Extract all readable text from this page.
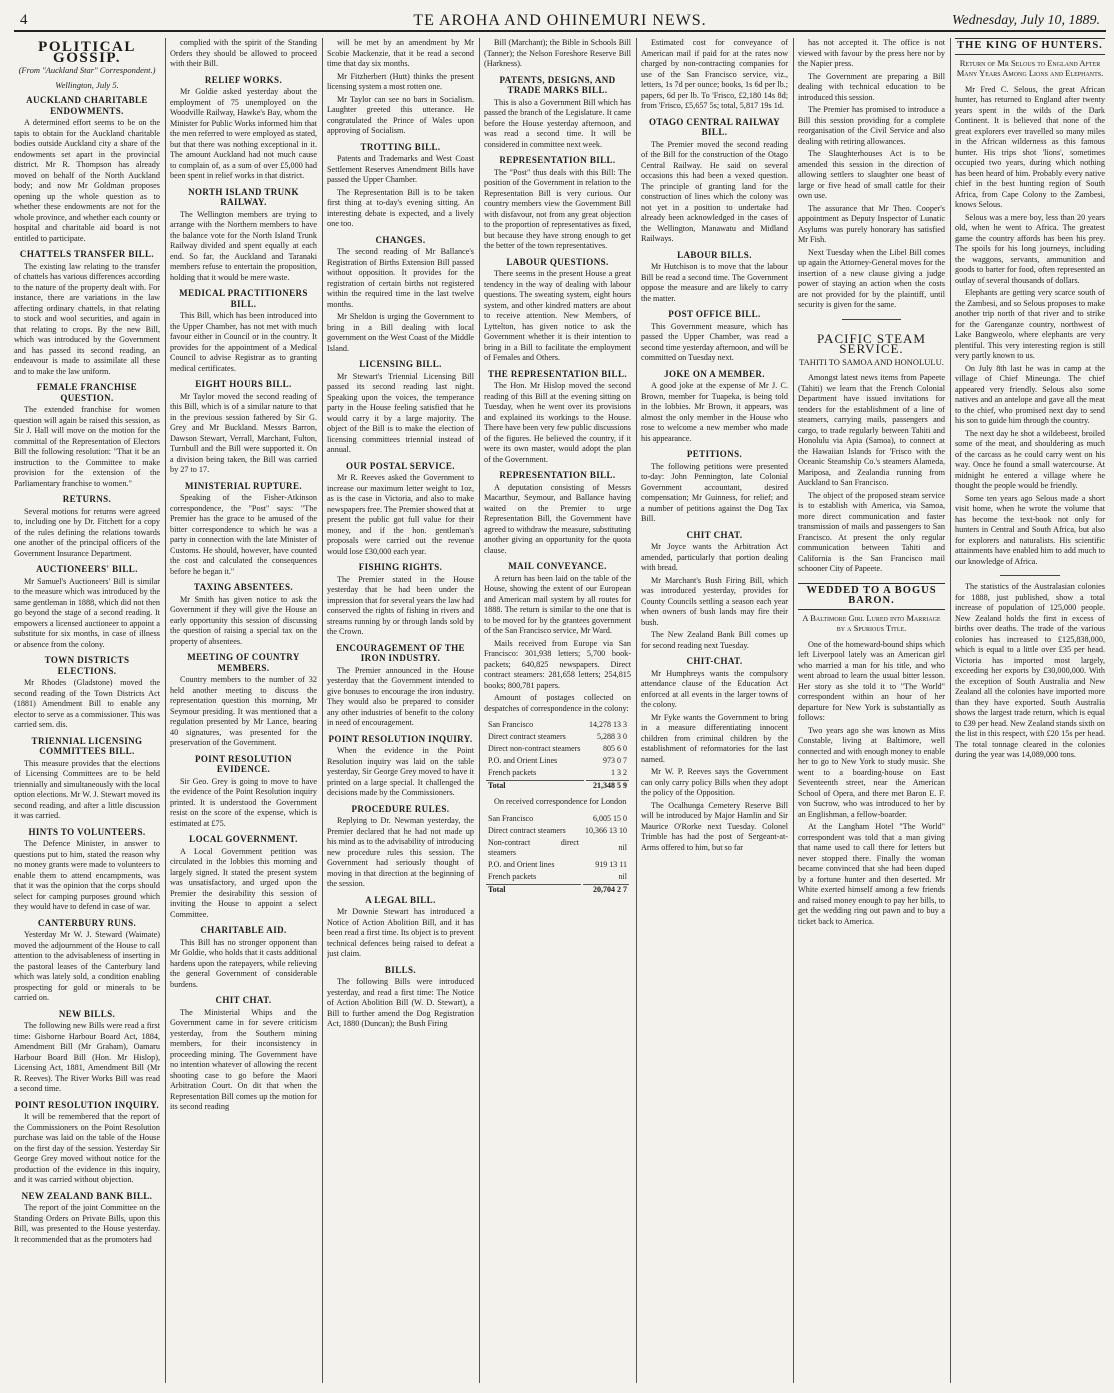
4	TE AROHA AND OHINEMURI NEWS.	Wednesday, July 10, 1889.
POLITICAL GOSSIP.
(From "Auckland Star" Correspondent.)
Wellington, July 5.
AUCKLAND CHARITABLE ENDOWMENTS.

A determined effort seems to be on the tapis to obtain for the Auckland charitable bodies outside Auckland city a share of the endowments set apart in the provincial district. Mr R. Thompson has already moved on behalf of the North Auckland body; and now Mr Goldman proposes opening up the whole question as to whether these endowments are not for the whole province, and whether each county or hospital and charitable aid board is not entitled to participate.

CHATTELS TRANSFER BILL.

The existing law relating to the transfer of chattels has various differences according to the nature of the property dealt with. For instance, there are variations in the law affecting ordinary chattels, in that relating to stock and wool securities, and again in that relating to crops. By the new Bill, which was introduced by the Government and has passed its second reading, an endeavour is made to assimilate all these and to make the law uniform.

FEMALE FRANCHISE QUESTION.

The extended franchise for women question will again be raised this session, as Sir J. Hall will move on the motion for the committal of the Representation of Electors Bill the following resolution: "That it be an instruction to the Committee to make provision for the extension of the Parliamentary franchise to women."

RETURNS.

Several motions for returns were agreed to, including one by Dr. Fitchett for a copy of the rules defining the relations towards one another of the principal officers of the Government Insurance Department.

AUCTIONEERS' BILL.

Mr Samuel's Auctioneers' Bill is similar to the measure which was introduced by the same gentleman in 1888, which did not then go beyond the stage of a second reading. It empowers a licensed auctioneer to appoint a substitute for six months, in case of illness or absence from the colony.

TOWN DISTRICTS ELECTIONS.

Mr Rhodes (Gladstone) moved the second reading of the Town Districts Act (1881) Amendment Bill to enable any elector to serve as a commissioner. This was carried sem. dis.

TRIENNIAL LICENSING COMMITTEES BILL.

This measure provides that the elections of Licensing Committees are to be held triennially and simultaneously with the local option elections. Mr W. J. Stewart moved its second reading, and after a little discussion it was carried.

HINTS TO VOLUNTEERS.

The Defence Minister, in answer to questions put to him, stated the reason why no money grants were made to volunteers to enable them to attend encampments, was that it was the opinion that the corps should select for camping purposes ground which they would have to defend in case of war.

CANTERBURY RUNS.

Yesterday Mr W. J. Steward (Waimate) moved the adjournment of the House to call attention to the advisableness of inserting in the pastoral leases of the Canterbury land which was lately sold, a condition enabling prospecting for gold or minerals to be carried on.

NEW BILLS.

The following new Bills were read a first time: Gisborne Harbour Board Act, 1884, Amendment Bill (Mr Graham), Oamaru Harbour Board Bill (Hon. Mr Hislop), Licensing Act, 1881, Amendment Bill (Mr R. Reeves). The River Works Bill was read a second time.

POINT RESOLUTION INQUIRY.

It will be remembered that the report of the Commissioners on the Point Resolution purchase was laid on the table of the House on the first day of the session. Yesterday Sir George Grey moved without notice for the production of the evidence in this inquiry, and it was carried without objection.

NEW ZEALAND BANK BILL.

The report of the joint Committee on the Standing Orders on Private Bills, upon this Bill, was presented to the House yesterday. It recommended that as the promoters had

complied with the spirit of the Standing Orders they should be allowed to proceed with their Bill.

RELIEF WORKS.

Mr Goldie asked yesterday about the employment of 75 unemployed on the Woodville Railway, Hawke's Bay, whom the Minister for Public Works informed him that the men referred to were employed as stated, but that there was nothing exceptional in it. The amount Auckland had not much cause to complain of, as a sum of over £5,000 had been spent in relief works in that district.

NORTH ISLAND TRUNK RAILWAY.

The Wellington members are trying to arrange with the Northern members to have the balance vote for the North Island Trunk Railway divided and spent equally at each end. So far, the Auckland and Taranaki members refuse to entertain the proposition, holding that it would be mere waste.

MEDICAL PRACTITIONERS BILL.

This Bill, which has been introduced into the Upper Chamber, has not met with much favour either in Council or in the country. It provides for the appointment of a Medical Council to advise Registrar as to granting medical certificates.

EIGHT HOURS BILL.

Mr Taylor moved the second reading of this Bill, which is of a similar nature to that in the previous session fathered by Sir G. Grey and Mr Buckland. Messrs Barron, Dawson Stewart, Verrall, Marchant, Fulton, Turnbull and the Bill were supported it. On a division being taken, the Bill was carried by 27 to 17.

MINISTERIAL RUPTURE.

Speaking of the Fisher-Atkinson correspondence, the "Post" says: "The Premier has the grace to be amused of the bitter correspondence to which he was a party in connection with the late Minister of Customs. He should, however, have counted the cost and calculated the consequences before he began it."

TAXING ABSENTEES.

Mr Smith has given notice to ask the Government if they will give the House an early opportunity this session of discussing the question of raising a special tax on the property of absentees.

MEETING OF COUNTRY MEMBERS.

Country members to the number of 32 held another meeting to discuss the representation question this morning, Mr Seymour presiding. It was mentioned that a regulation presented by Mr Lance, bearing 40 signatures, was presented for the preservation of the Government.

POINT RESOLUTION EVIDENCE.

Sir Geo. Grey is going to move to have the evidence of the Point Resolution inquiry printed. It is understood the Government resist on the score of the expense, which is estimated at £75.

LOCAL GOVERNMENT.

A Local Government petition was circulated in the lobbies this morning and largely signed. It stated the present system was unsatisfactory, and urged upon the Premier the desirability this session of inviting the House to appoint a select Committee.

CHARITABLE AID.

This Bill has no stronger opponent than Mr Goldie, who holds that it casts additional hardens upon the ratepayers, while relieving the general Government of considerable burdens.

CHIT CHAT.

The Ministerial Whips and the Government came in for severe criticism yesterday, from the Southern mining members, for their inconsistency in proceeding mining. The Government have no intention whatever of allowing the recent shooting case to go before the Maori Arbitration Court. On dit that when the Representation Bill comes up the motion for its second reading

will be met by an amendment by Mr Scobie Mackenzie, that it be read a second time that day six months.

Mr Fitzherbert (Hutt) thinks the present licensing system a most rotten one.

Mr Taylor can see no bars in Socialism. Laughter greeted this utterance. He congratulated the Prince of Wales upon approving of Socialism.

TROTTING BILL.

Patents and Trademarks and West Coast Settlement Reserves Amendment Bills have passed the Upper Chamber.

The Representation Bill is to be taken first thing at to-day's evening sitting. An interesting debate is expected, and a lively one too.

CHANGES.

The second reading of Mr Ballance's Registration of Births Extension Bill passed without opposition. It provides for the registration of certain births not registered within the required time in the last twelve months.

Mr Sheldon is urging the Government to bring in a Bill dealing with local government on the West Coast of the Middle Island.

LICENSING BILL.

Mr Stewart's Triennial Licensing Bill passed its second reading last night. Speaking upon the voices, the temperance party in the House feeling satisfied that he would carry it by a large majority. The object of the Bill is to make the election of licensing committees triennial instead of annual.

OUR POSTAL SERVICE.

Mr R. Reeves asked the Government to increase our maximum letter weight to 1oz, as is the case in Victoria, and also to make newspapers free. The Premier showed that at present the public got full value for their money, and if the hon. gentleman's proposals were carried out the revenue would lose £30,000 each year.

FISHING RIGHTS.

The Premier stated in the House yesterday that he had been under the impression that for several years the law had conserved the rights of fishing in rivers and streams running by or through lands sold by the Crown.

ENCOURAGEMENT OF THE IRON INDUSTRY.

The Premier announced in the House yesterday that the Government intended to give bonuses to encourage the iron industry. They would also be prepared to consider any other industries of benefit to the colony in need of encouragement.

POINT RESOLUTION INQUIRY.

When the evidence in the Point Resolution inquiry was laid on the table yesterday, Sir George Grey moved to have it printed on a large special. It challenged the decisions made by the Commissioners.

PROCEDURE RULES.

Replying to Dr. Newman yesterday, the Premier declared that he had not made up his mind as to the advisability of introducing new procedure rules this session. The Government had seriously thought of moving in that direction at the beginning of the session.

A LEGAL BILL.

Mr Downie Stewart has introduced a Notice of Action Abolition Bill, and it has been read a first time. Its object is to prevent technical defences being raised to defeat a just claim.

BILLS.

The following Bills were introduced yesterday, and read a first time: The Notice of Action Abolition Bill (W. D. Stewart), a Bill to further amend the Dog Registration Act, 1880 (Duncan); the Bush Firing

Bill (Marchant); the Bible in Schools Bill (Tanner); the Nelson Foreshore Reserve Bill (Harkness).

PATENTS, DESIGNS, AND TRADE MARKS BILL.

This is also a Government Bill which has passed the branch of the Legislature. It came before the House yesterday afternoon, and was read a second time. It will be considered in committee next week.

REPRESENTATION BILL.

The "Post" thus deals with this Bill: The position of the Government in relation to the Representation Bill is very curious. Our country members view the Government Bill with disfavour, not from any great objection to the proportion of representatives as fixed, but because they have strong enough to get the better of the town representatives.

LABOUR QUESTIONS.

There seems in the present House a great tendency in the way of dealing with labour questions. The sweating system, eight hours system, and other kindred matters are about to receive attention. New Members, of Lyttelton, has given notice to ask the Government whether it is their intention to bring in a Bill to facilitate the employment of Females and Others.

THE REPRESENTATION BILL.

The Hon. Mr Hislop moved the second reading of this Bill at the evening sitting on Tuesday, when he went over its provisions and explained its workings to the House. There have been very few public discussions of the figures. He believed the country, if it were its own master, would adopt the plan of the Government.

REPRESENTATION BILL.

A deputation consisting of Messrs Macarthur, Seymour, and Ballance having waited on the Premier to urge Representation Bill, the Government have agreed to withdraw the measure, substituting another giving an opportunity for the quota clause.

MAIL CONVEYANCE.

A return has been laid on the table of the House, showing the extent of our European and American mail system by all routes for 1888. The return is similar to the one that is to be moved for by the grantees government of the San Francisco service, Mr Ward.

Mails received from Europe via San Francisco: 301,938 letters; 5,700 book-packets; 640,825 newspapers. Direct contract steamers: 281,658 letters; 254,815 books; 800,781 papers.

Amount of postages collected on despatches of correspondence in the colony:

San Francisco	14,278 13 3
Direct contract steamers	5,288 3 0
Direct non-contract steamers	805 6 0
P.O. and Orient Lines	973 0 7
French packets	1 3 2
Total	21,348 5 9

On received correspondence for London

San Francisco	6,005 15 0
Direct contract steamers	10,366 13 10
Non-contract direct steamers	nil
P.O. and Orient lines	919 13 11
French packets	nil
Total	20,704 2 7

Estimated cost for conveyance of American mail if paid for at the rates now charged by non-contracting companies for use of the San Francisco service, viz., letters, 1s 7d per ounce; books, 1s 6d per lb.; papers, 6d per lb. To 'Frisco, £2,180 14s 8d; from 'Frisco, £5,657 5s; total, 5,817 19s 1d.

OTAGO CENTRAL RAILWAY BILL.

The Premier moved the second reading of the Bill for the construction of the Otago Central Railway. He said on several occasions this had been a vexed question. The principle of granting land for the construction of lines which the colony was not yet in a position to undertake had already been acknowledged in the cases of the Wellington, Manawatu and Midland Railways.

LABOUR BILLS.

Mr Hutchison is to move that the labour Bill be read a second time. The Government oppose the measure and are likely to carry the matter.

POST OFFICE BILL.

This Government measure, which has passed the Upper Chamber, was read a second time yesterday afternoon, and will be committed on Tuesday next.

JOKE ON A MEMBER.

A good joke at the expense of Mr J. C. Brown, member for Tuapeka, is being told in the lobbies. Mr Brown, it appears, was almost the only member in the House who rose to welcome a new member who made his appearance.

PETITIONS.

The following petitions were presented to-day: John Pennington, late Colonial Government accountant, desired compensation; Mr Guinness, for relief; and a number of petitions against the Dog Tax Bill.

CHIT CHAT.

Mr Joyce wants the Arbitration Act amended, particularly that portion dealing with bread.

Mr Marchant's Bush Firing Bill, which was introduced yesterday, provides for County Councils settling a season each year when owners of bush lands may fire their bush.

The New Zealand Bank Bill comes up for second reading next Tuesday.

CHIT-CHAT.

Mr Humphreys wants the compulsory attendance clause of the Education Act enforced at all events in the larger towns of the colony.

Mr Fyke wants the Government to bring in a measure differentiating innocent children from criminal children by the establishment of reformatories for the last named.

Mr W. P. Reeves says the Government can only carry policy Bills when they adopt the policy of the Opposition.

The Ocalhunga Cemetery Reserve Bill will be introduced by Major Hamlin and Sir Maurice O'Rorke next Tuesday. Colonel Trimble has had the post of Sergeant-at-Arms offered to him, but so far

has not accepted it. The office is not viewed with favour by the press here nor by the Napier press.

The Government are preparing a Bill dealing with technical education to be introduced this session.

The Premier has promised to introduce a Bill this session providing for a complete reorganisation of the Civil Service and also dealing with retiring allowances.

The Slaughterhouses Act is to be amended this session in the direction of allowing settlers to slaughter one beast of large or five head of small cattle for their own use.

The assurance that Mr Theo. Cooper's appointment as Deputy Inspector of Lunatic Asylums was purely honorary has satisfied Mr Fish.

Next Tuesday when the Libel Bill comes up again the Attorney-General moves for the insertion of a new clause giving a judge power of staying an action when the costs are not provided for by the plaintiff, until security is given for the same.

PACIFIC STEAM SERVICE.
TAHITI TO SAMOA AND HONOLULU.

Amongst latest news items from Papeete (Tahiti) we learn that the French Colonial Department have issued invitations for tenders for the establishment of a line of steamers, carrying mails, passengers and cargo, to trade regularly between Tahiti and Honolulu via Apia (Samoa), to connect at the Hawaiian Islands for 'Frisco with the Oceanic Steamship Co.'s steamers Alameda, Mariposa, and Zealandia running from Auckland to San Francisco.

The object of the proposed steam service is to establish with America, via Samoa, more direct communication and faster transmission of mails and passengers to San Francisco. At present the only regular communication between Tahiti and California is the San Francisco mail schooner City of Papeete.

WEDDED TO A BOGUS BARON.
A Baltimore Girl Lured into Marriage by a Spurious Title.

One of the homeward-bound ships which left Liverpool lately was an American girl who married a man for his title, and who went abroad to learn the usual bitter lesson. Her story as she told it to "The World" correspondent within an hour of her departure for New York is substantially as follows:

Two years ago she was known as Miss Constable, living at Baltimore, well connected and with enough money to enable her to go to New York to study music. She went to a boarding-house on East Seventeenth street, near the American School of Opera, and there met Baron E. F. von Sucrow, who was introduced to her by an Englishman, a fellow-boarder.

At the Langham Hotel "The World" correspondent was told that a man giving that name used to call there for letters but never stopped there. Finally the woman became convinced that she had been duped by a fortune hunter and then deserted. Mr White exerted himself among a few friends and raised money enough to pay her bills, to get the wedding ring out pawn and to buy a ticket back to America.

THE KING OF HUNTERS.
Return of Mr Selous to England After Many Years Among Lions and Elephants.

Mr Fred C. Selous, the great African hunter, has returned to England after twenty years spent in the wilds of the Dark Continent. It is believed that none of the great explorers ever travelled so many miles in the African wilderness as this famous hunter. His trips shot 'lions', sometimes occupied two years, during which nothing has been heard of him. Probably every native chief in the best hunting region of South Africa, from Cape Colony to the Zambesi, knows Selous.

Selous was a mere boy, less than 20 years old, when he went to Africa. The greatest game the country affords has been his prey. The spoils for his long journeys, including the waggons, servants, ammunition and goods to barter for food, often represented an outlay of several thousands of dollars.

Elephants are getting very scarce south of the Zambesi, and so Selous proposes to make another trip north of that river and to strike for the Garenganze country, northwest of Lake Bangweolo, where elephants are very plentiful. This very interesting region is still very partly known to us.

On July 8th last he was in camp at the village of Chief Mineunga. The chief appeared very friendly. Selous also some natives and an antelope and gave all the meat to the chief, who promised next day to send his son to guide him through the country.

The next day he shot a wildebeest, broiled some of the meat, and shouldering as much of the carcass as he could carry went on his way. Once he found a small watercourse. At midnight he entered a village where he thought the people would be friendly.

Some ten years ago Selous made a short visit home, when he wrote the volume that has become the text-book not only for hunters in Central and South Africa, but also for explorers and naturalists. His scientific attainments have enabled him to add much to our knowledge of Africa.

The statistics of the Australasian colonies for 1888, just published, show a total increase of population of 125,000 people. New Zealand holds the first in excess of births over deaths. The trade of the various colonies has increased to £125,838,000, which is equal to a little over £35 per head. Victoria has imported most largely, exceeding her exports by £30,000,000. With the exception of South Australia and New Zealand all the colonies have imported more than they have exported. South Australia shows the largest trade return, which is equal to £39 per head. New Zealand stands sixth on the list in this respect, with £20 15s per head. The total tonnage cleared in the colonies during the year was 14,089,000 tons.
